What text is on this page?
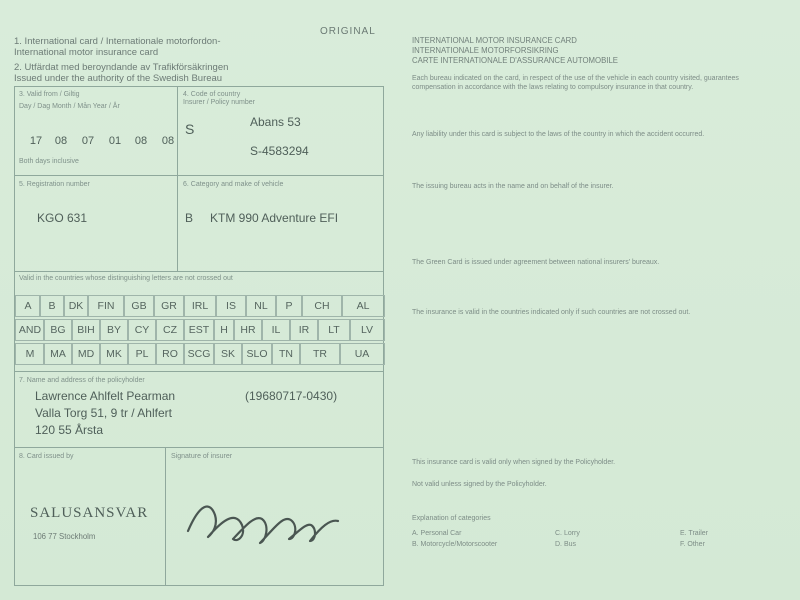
1. International card / Internationale motorfordon-
International motor insurance card
2. Utfärdat med beroyndande av Trafikförsäkringen
Issued under the authority of the Swedish Bureau
ORIGINAL
3. Valid from / Giltig
Day / Dag Month / Mån Year / År
17	08	07	01	08	08
Both days inclusive
4. Code of country
Insurer / Policy number
S	Abans 53
S-4583294
5. Registration number
KGO 631
6. Category and make of vehicle
B KTM 990 Adventure EFI
Valid in the countries whose distinguishing letters are not crossed out
A	B	DK	FIN	GB	GR	IRL	IS	NL	P	CH	AL
AND BG	BIH	BY	CY	CZ	EST	H	HR	IL	IR	LT	LV
M	MA	MD	MK	PL	RO SCG	SK	SLO	TN	TR	UA
7. Name and address of the policyholder
Lawrence Ahlfelt Pearman	(19680717-0430)
Valla Torg 51, 9 tr / Ahlfert
120 55 Årsta
8. Card issued by	Signature of insurer
SALUSANSVAR
106 77 Stockholm
INTERNATIONAL MOTOR INSURANCE CARD
INTERNATIONALE MOTORFORSIKRING
CARTE INTERNATIONALE D'ASSURANCE AUTOMOBILE
Each bureau indicated on the card, in respect of the use of the vehicle in each country visited, guarantees compensation in accordance with the laws relating to compulsory insurance in that country.
Any liability under this card is subject to the laws of the country in which the accident occurred.
The issuing bureau acts in the name and on behalf of the insurer.
The Green Card is issued under agreement between national insurers' bureaux.
The insurance is valid in the countries indicated only if such countries are not crossed out.
This insurance card is valid only when signed by the Policyholder.
Not valid unless signed by the Policyholder.
Explanation of categories
A. Personal Car
B. Motorcycle/Motorscooter
C. Lorry
D. Bus
E. Trailer
F. Other
